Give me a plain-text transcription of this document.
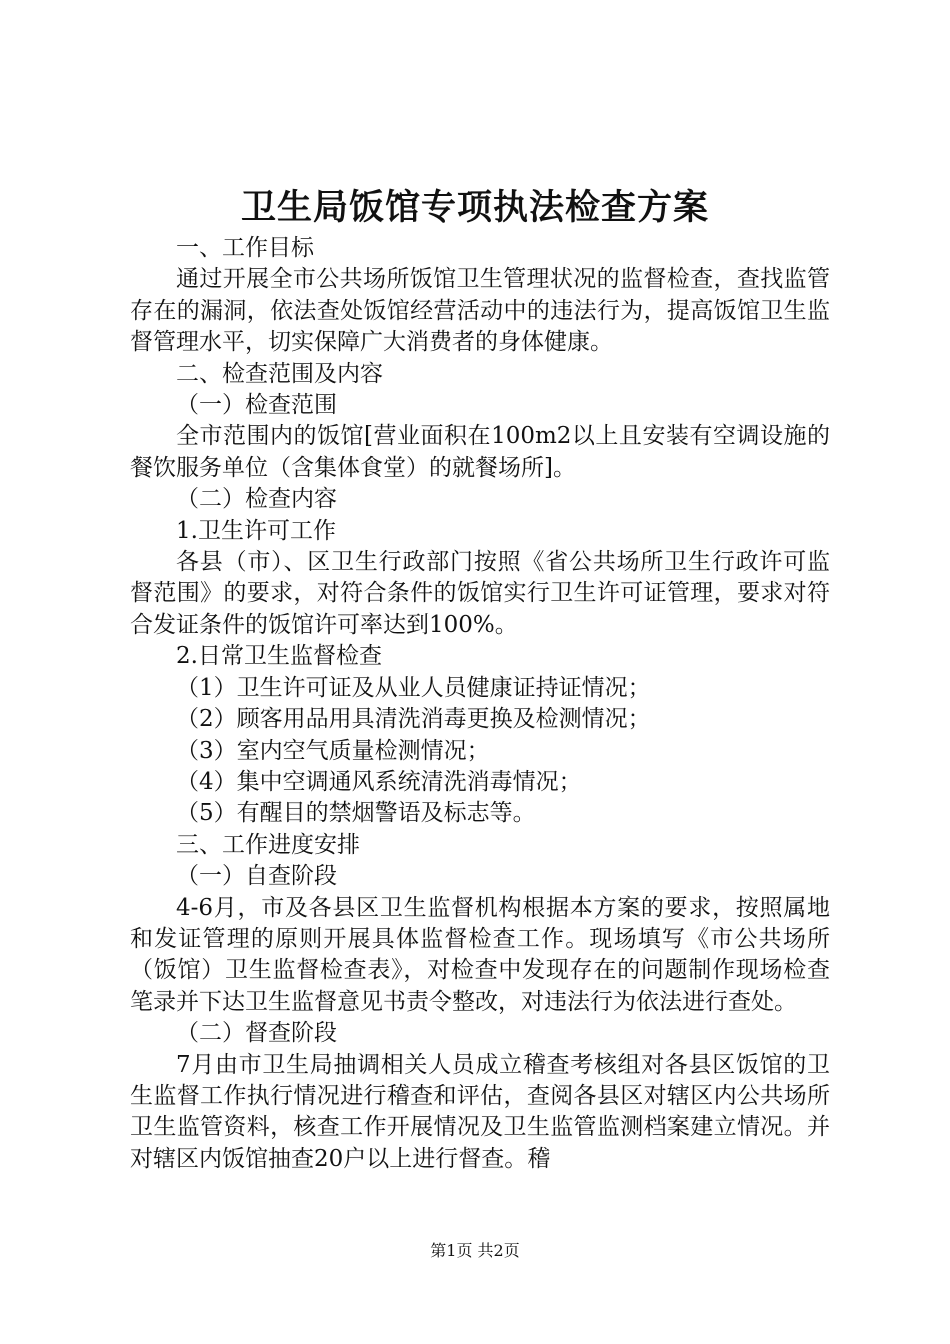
卫生局饭馆专项执法检查方案

一、工作目标

通过开展全市公共场所饭馆卫生管理状况的监督检查，查找监管存在的漏洞，依法查处饭馆经营活动中的违法行为，提高饭馆卫生监督管理水平，切实保障广大消费者的身体健康。

二、检查范围及内容

（一）检查范围

全市范围内的饭馆[营业面积在100m2以上且安装有空调设施的餐饮服务单位（含集体食堂）的就餐场所]。

（二）检查内容

1.卫生许可工作

各县（市）、区卫生行政部门按照《省公共场所卫生行政许可监督范围》的要求，对符合条件的饭馆实行卫生许可证管理，要求对符合发证条件的饭馆许可率达到100%。

2.日常卫生监督检查

（1）卫生许可证及从业人员健康证持证情况；

（2）顾客用品用具清洗消毒更换及检测情况；

（3）室内空气质量检测情况；

（4）集中空调通风系统清洗消毒情况；

（5）有醒目的禁烟警语及标志等。

三、工作进度安排

（一）自查阶段

4-6月，市及各县区卫生监督机构根据本方案的要求，按照属地和发证管理的原则开展具体监督检查工作。现场填写《市公共场所（饭馆）卫生监督检查表》，对检查中发现存在的问题制作现场检查笔录并下达卫生监督意见书责令整改，对违法行为依法进行查处。

（二）督查阶段

7月由市卫生局抽调相关人员成立稽查考核组对各县区饭馆的卫生监督工作执行情况进行稽查和评估，查阅各县区对辖区内公共场所卫生监管资料，核查工作开展情况及卫生监管监测档案建立情况。并对辖区内饭馆抽查20户以上进行督查。稽

第1页 共2页
